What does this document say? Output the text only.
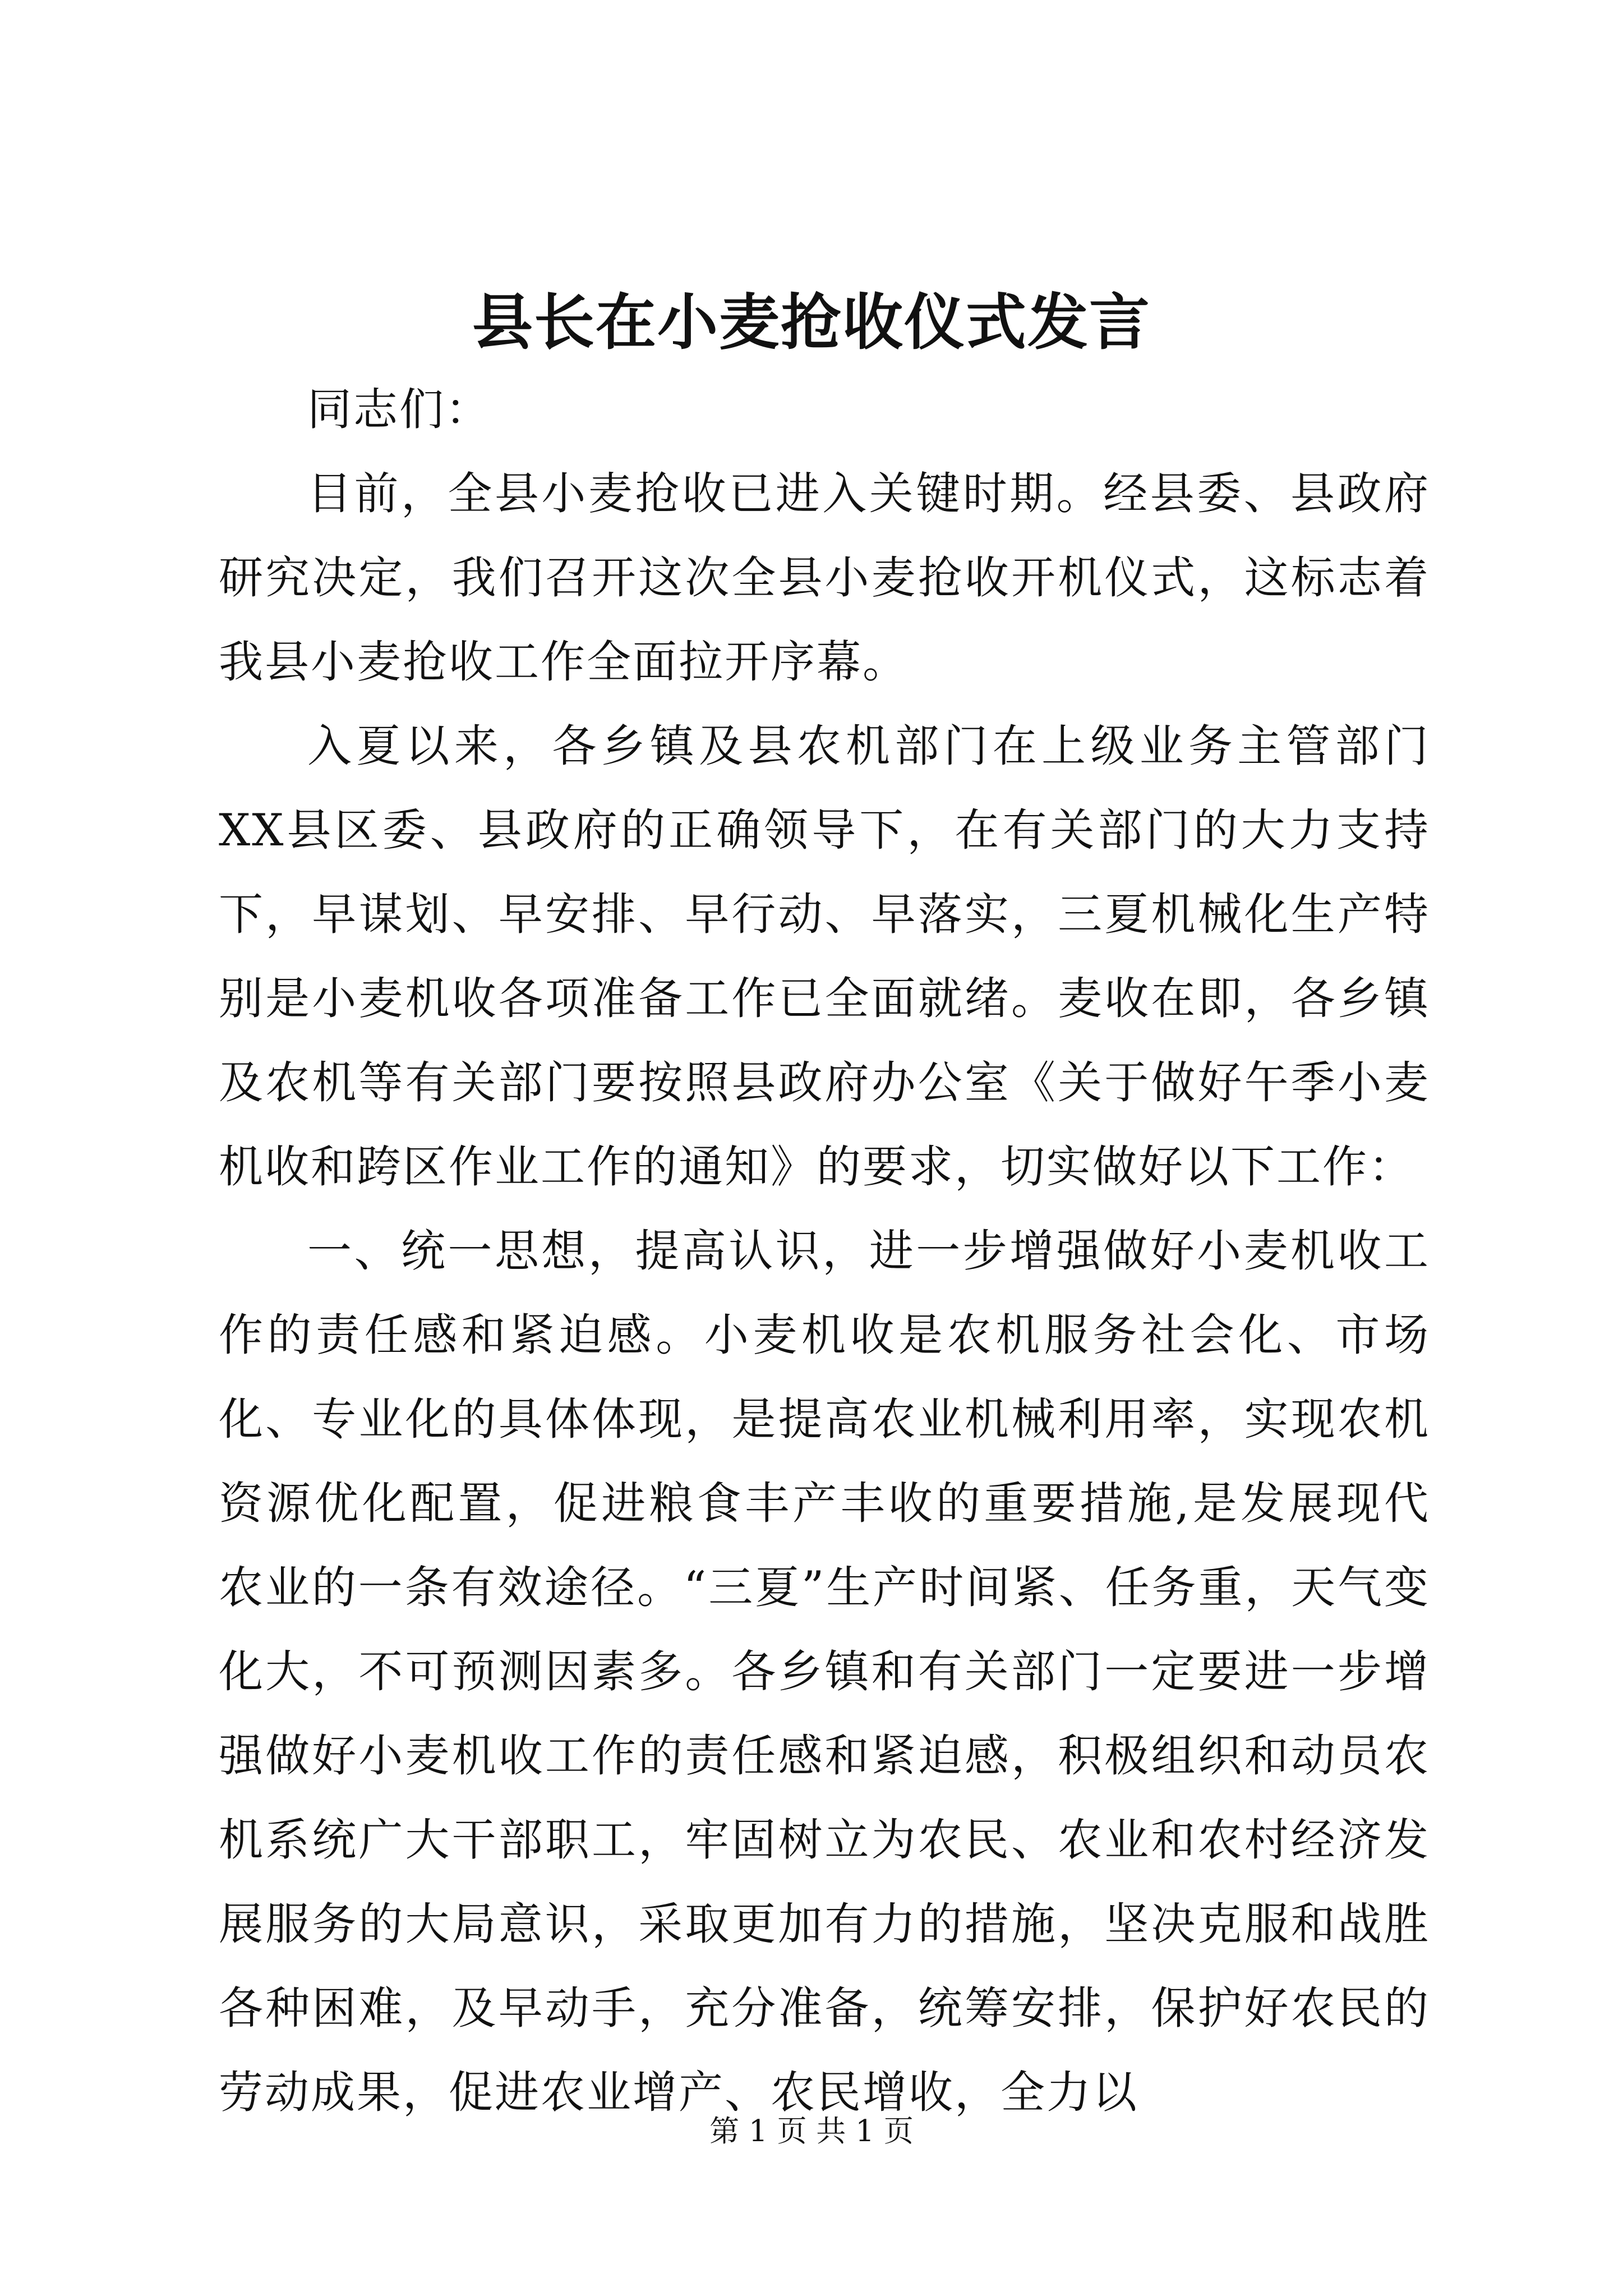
县长在小麦抢收仪式发言

同志们：

目前，全县小麦抢收已进入关键时期。经县委、县政府研究决定，我们召开这次全县小麦抢收开机仪式，这标志着我县小麦抢收工作全面拉开序幕。

入夏以来，各乡镇及县农机部门在上级业务主管部门XX县区委、县政府的正确领导下，在有关部门的大力支持下，早谋划、早安排、早行动、早落实，三夏机械化生产特别是小麦机收各项准备工作已全面就绪。麦收在即，各乡镇及农机等有关部门要按照县政府办公室《关于做好午季小麦机收和跨区作业工作的通知》的要求，切实做好以下工作：

一、统一思想，提高认识，进一步增强做好小麦机收工作的责任感和紧迫感。小麦机收是农机服务社会化、市场化、专业化的具体体现，是提高农业机械利用率，实现农机资源优化配置，促进粮食丰产丰收的重要措施,是发展现代农业的一条有效途径。“三夏”生产时间紧、任务重，天气变化大，不可预测因素多。各乡镇和有关部门一定要进一步增强做好小麦机收工作的责任感和紧迫感，积极组织和动员农机系统广大干部职工，牢固树立为农民、农业和农村经济发展服务的大局意识，采取更加有力的措施，坚决克服和战胜各种困难，及早动手，充分准备，统筹安排，保护好农民的劳动成果，促进农业增产、农民增收，全力以

第 1 页 共 1 页
